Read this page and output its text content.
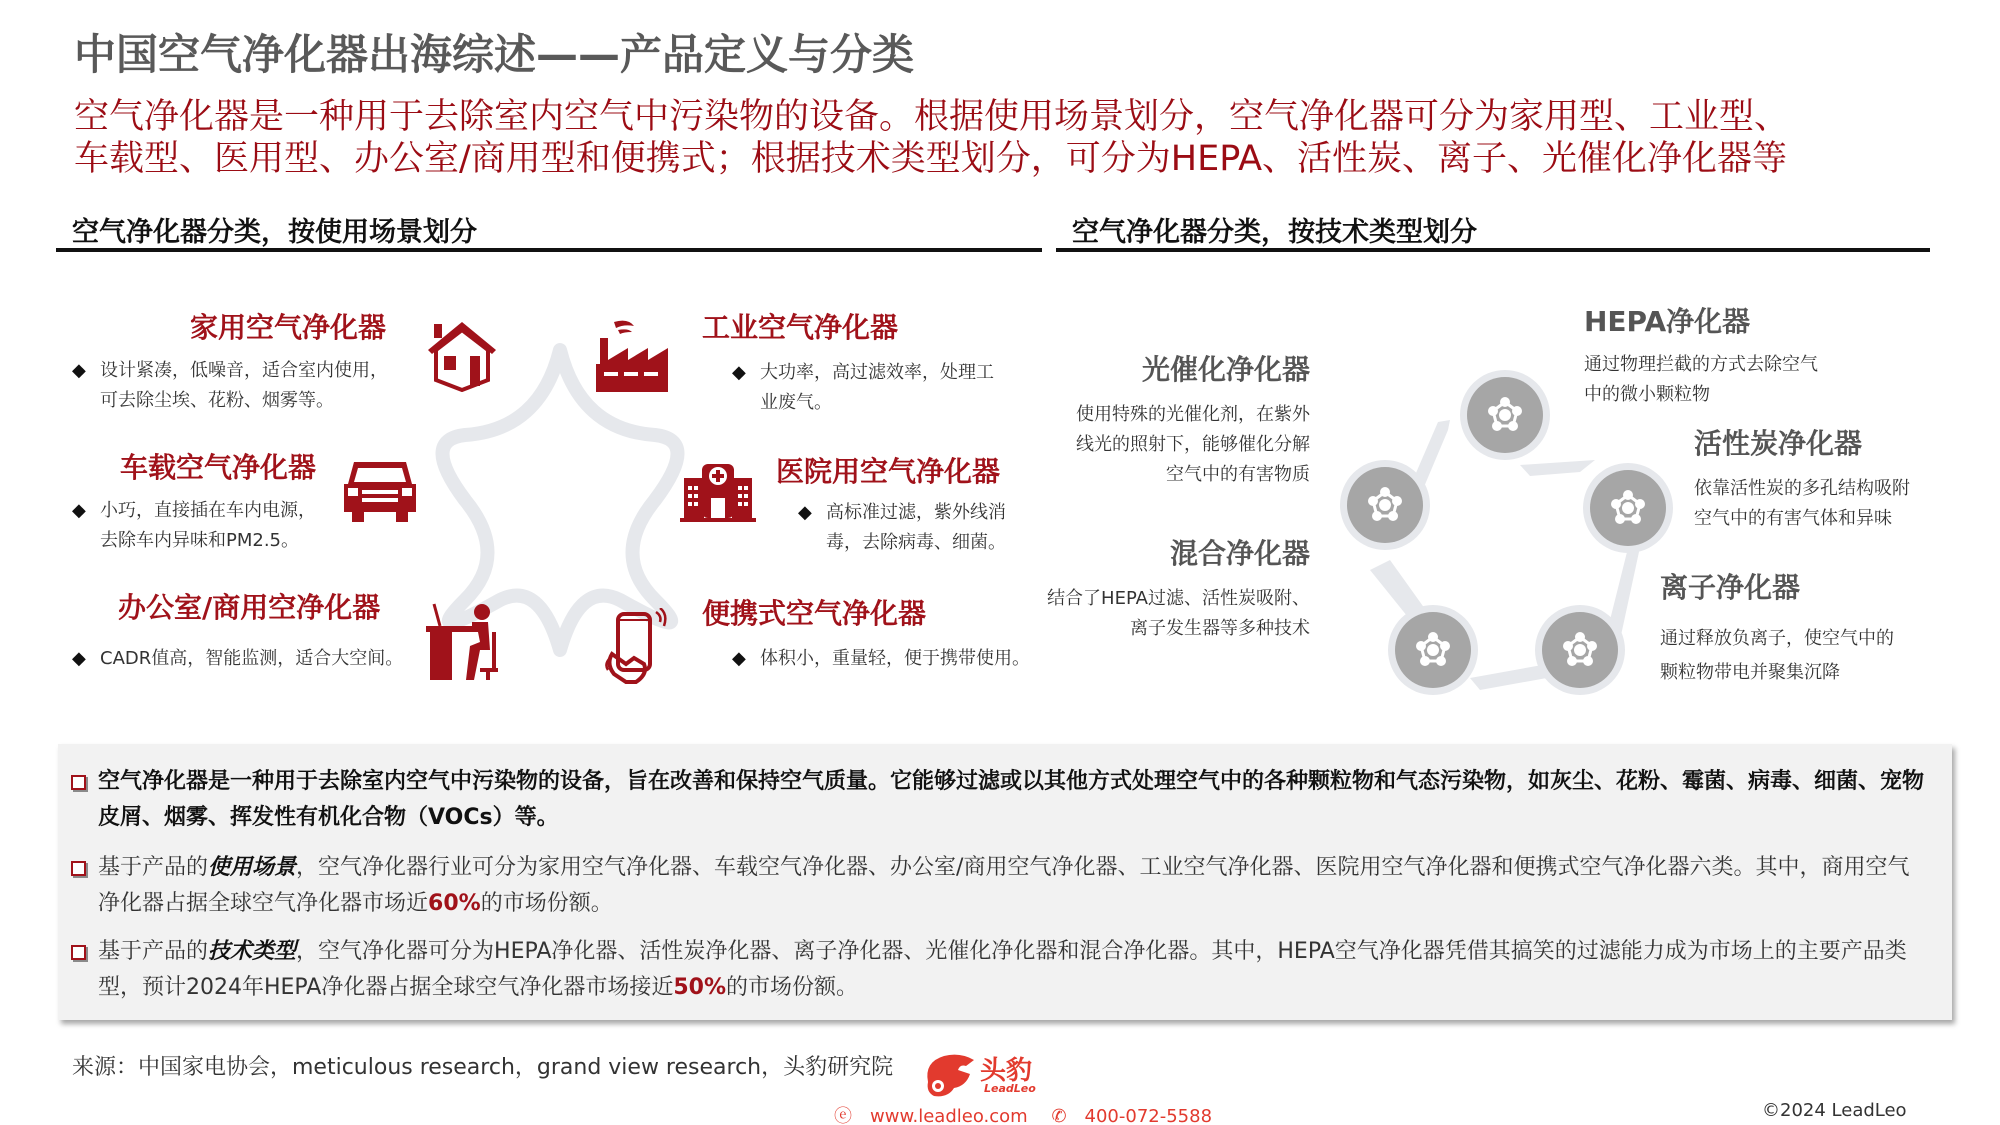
中国空气净化器出海综述——产品定义与分类
空气净化器是一种用于去除室内空气中污染物的设备。根据使用场景划分，空气净化器可分为家用型、工业型、
车载型、医用型、办公室/商用型和便携式；根据技术类型划分，可分为HEPA、活性炭、离子、光催化净化器等
空气净化器分类，按使用场景划分	空气净化器分类，按技术类型划分
家用空气净化器
◆ 设计紧凑，低噪音，适合室内使用，
可去除尘埃、花粉、烟雾等。
车载空气净化器
◆ 小巧，直接插在车内电源，
去除车内异味和PM2.5。
办公室/商用空净化器
◆ CADR值高，智能监测，适合大空间。
工业空气净化器
◆ 大功率，高过滤效率，处理工
业废气。
医院用空气净化器
◆ 高标准过滤，紫外线消
毒，去除病毒、细菌。
便携式空气净化器
◆ 体积小，重量轻，便于携带使用。
光催化净化器
使用特殊的光催化剂，在紫外
线光的照射下，能够催化分解
空气中的有害物质
混合净化器
结合了HEPA过滤、活性炭吸附、
离子发生器等多种技术
HEPA净化器
通过物理拦截的方式去除空气
中的微小颗粒物
活性炭净化器
依靠活性炭的多孔结构吸附
空气中的有害气体和异味
离子净化器
通过释放负离子，使空气中的
颗粒物带电并聚集沉降
空气净化器是一种用于去除室内空气中污染物的设备，旨在改善和保持空气质量。它能够过滤或以其他方式处理空气中的各种颗粒物和气态污染物，如灰尘、花粉、霉菌、病毒、细菌、宠物皮屑、烟雾、挥发性有机化合物（VOCs）等。
基于产品的使用场景，空气净化器行业可分为家用空气净化器、车载空气净化器、办公室/商用空气净化器、工业空气净化器、医院用空气净化器和便携式空气净化器六类。其中，商用空气净化器占据全球空气净化器市场近60%的市场份额。
基于产品的技术类型，空气净化器可分为HEPA净化器、活性炭净化器、离子净化器、光催化净化器和混合净化器。其中，HEPA空气净化器凭借其搞笑的过滤能力成为市场上的主要产品类型，预计2024年HEPA净化器占据全球空气净化器市场接近50%的市场份额。
来源：中国家电协会，meticulous research，grand view research，头豹研究院	头豹
LeadLeo
ⓔ www.leadleo.com ✆ 400-072-5588	©2024 LeadLeo
